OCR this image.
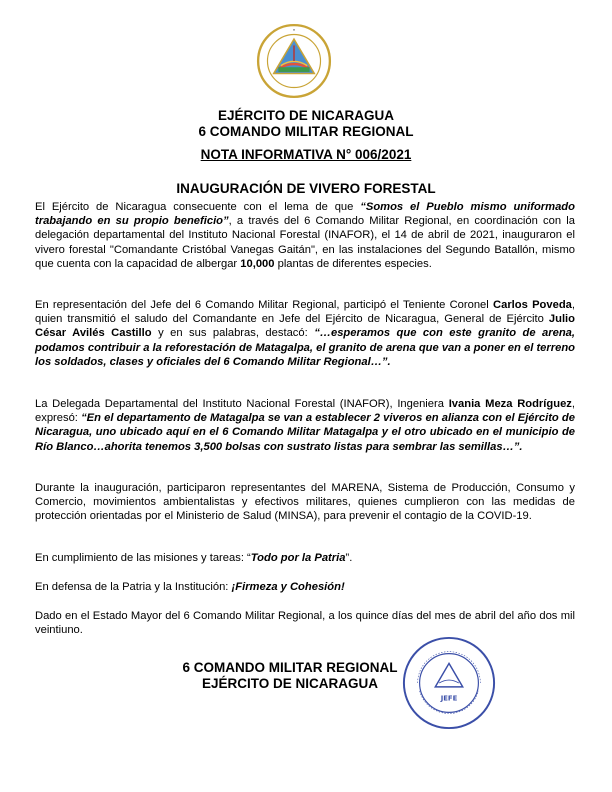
•
EJÉRCITO DE NICARAGUA
6 COMANDO MILITAR REGIONAL
NOTA INFORMATIVA N° 006/2021
INAUGURACIÓN DE VIVERO FORESTAL

El Ejército de Nicaragua consecuente con el lema de que “Somos el Pueblo mismo uniformado trabajando en su propio beneficio”, a través del 6 Comando Militar Regional, en coordinación con la delegación departamental del Instituto Nacional Forestal (INAFOR), el 14 de abril de 2021, inauguraron el vivero forestal "Comandante Cristóbal Vanegas Gaitán", en las instalaciones del Segundo Batallón, mismo que cuenta con la capacidad de albergar 10,000 plantas de diferentes especies.

En representación del Jefe del 6 Comando Militar Regional, participó el Teniente Coronel Carlos Poveda, quien transmitió el saludo del Comandante en Jefe del Ejército de Nicaragua, General de Ejército Julio César Avilés Castillo y en sus palabras, destacó: “…esperamos que con este granito de arena, podamos contribuir a la reforestación de Matagalpa, el granito de arena que van a poner en el terreno los soldados, clases y oficiales del 6 Comando Militar Regional…”.

La Delegada Departamental del Instituto Nacional Forestal (INAFOR), Ingeniera Ivania Meza Rodríguez, expresó: “En el departamento de Matagalpa se van a establecer 2 viveros en alianza con el Ejército de Nicaragua, uno ubicado aquí en el 6 Comando Militar Matagalpa y el otro ubicado en el municipio de Río Blanco…ahorita tenemos 3,500 bolsas con sustrato listas para sembrar las semillas…”.

Durante la inauguración, participaron representantes del MARENA, Sistema de Producción, Consumo y Comercio, movimientos ambientalistas y efectivos militares, quienes cumplieron con las medidas de protección orientadas por el Ministerio de Salud (MINSA), para prevenir el contagio de la COVID-19.

En cumplimiento de las misiones y tareas: “Todo por la Patria”.

En defensa de la Patria y la Institución: ¡Firmeza y Cohesión!

Dado en el Estado Mayor del 6 Comando Militar Regional, a los quince días del mes de abril del año dos mil veintiuno.

6 COMANDO MILITAR REGIONAL
EJÉRCITO DE NICARAGUA
JEFE
